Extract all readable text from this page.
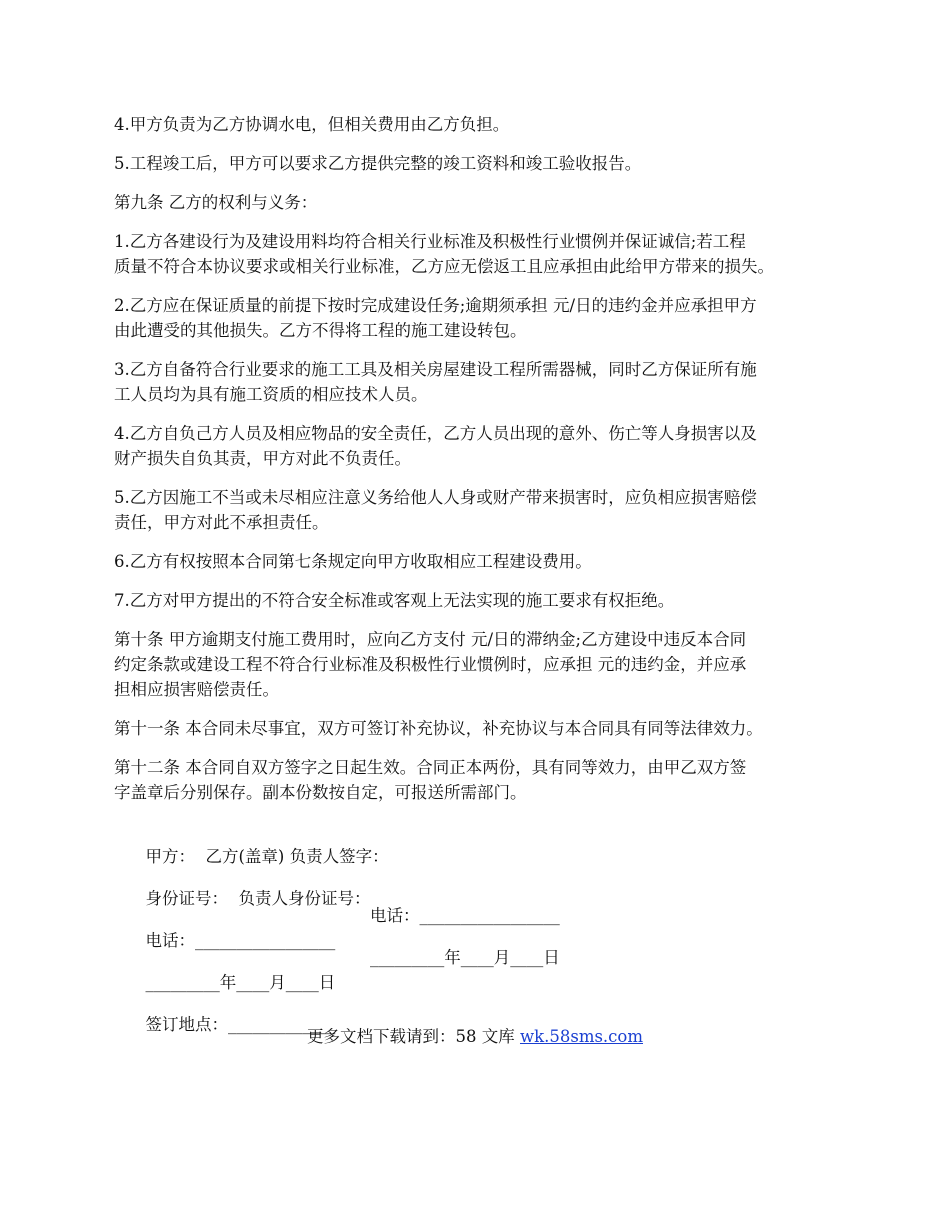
4.甲方负责为乙方协调水电，但相关费用由乙方负担。

5.工程竣工后，甲方可以要求乙方提供完整的竣工资料和竣工验收报告。

第九条 乙方的权利与义务：

1.乙方各建设行为及建设用料均符合相关行业标准及积极性行业惯例并保证诚信;若工程
质量不符合本协议要求或相关行业标准，乙方应无偿返工且应承担由此给甲方带来的损失。

2.乙方应在保证质量的前提下按时完成建设任务;逾期须承担 元/日的违约金并应承担甲方
由此遭受的其他损失。乙方不得将工程的施工建设转包。

3.乙方自备符合行业要求的施工工具及相关房屋建设工程所需器械，同时乙方保证所有施
工人员均为具有施工资质的相应技术人员。

4.乙方自负己方人员及相应物品的安全责任，乙方人员出现的意外、伤亡等人身损害以及
财产损失自负其责，甲方对此不负责任。

5.乙方因施工不当或未尽相应注意义务给他人人身或财产带来损害时，应负相应损害赔偿
责任，甲方对此不承担责任。

6.乙方有权按照本合同第七条规定向甲方收取相应工程建设费用。

7.乙方对甲方提出的不符合安全标准或客观上无法实现的施工要求有权拒绝。

第十条 甲方逾期支付施工费用时，应向乙方支付 元/日的滞纳金;乙方建设中违反本合同
约定条款或建设工程不符合行业标准及积极性行业惯例时，应承担 元的违约金，并应承
担相应损害赔偿责任。

第十一条 本合同未尽事宜，双方可签订补充协议，补充协议与本合同具有同等法律效力。

第十二条 本合同自双方签字之日起生效。合同正本两份，具有同等效力，由甲乙双方签
字盖章后分别保存。副本份数按自定，可报送所需部门。

甲方：  乙方(盖章) 负责人签字：

身份证号：  负责人身份证号：

电话：_________________

电话：_________________

_________年____月____日

_________年____月____日

签订地点：_____________

更多文档下载请到：58 文库 wk.58sms.com
